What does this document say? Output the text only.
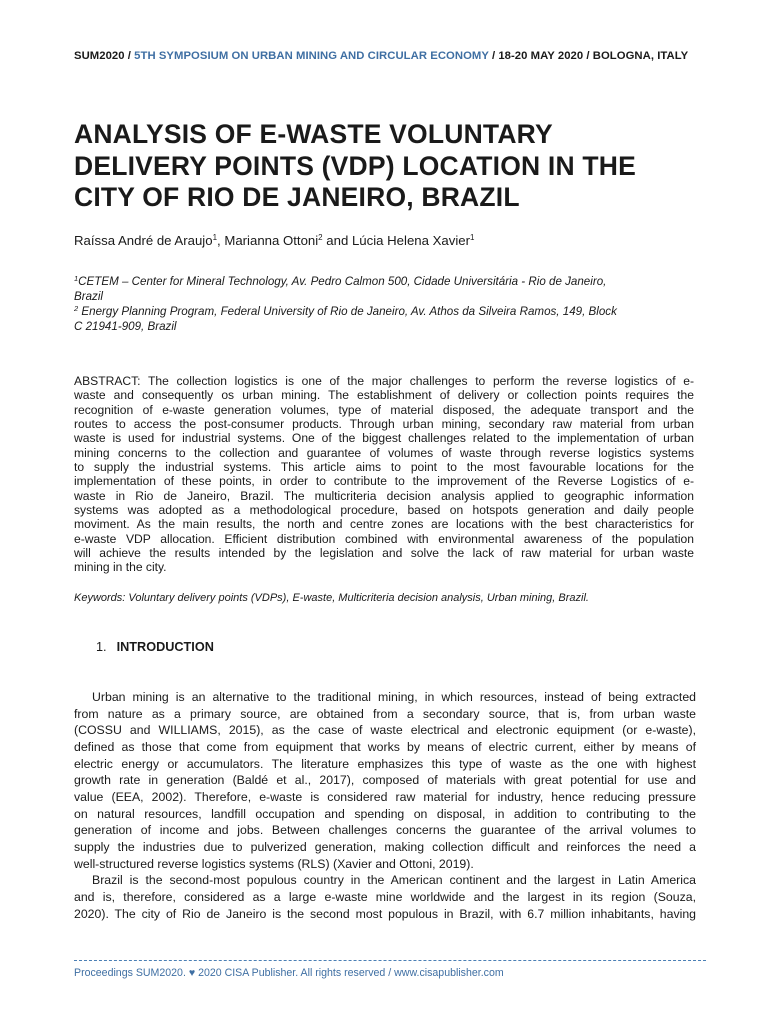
SUM2020 / 5TH SYMPOSIUM ON URBAN MINING AND CIRCULAR ECONOMY / 18-20 MAY 2020 / BOLOGNA, ITALY
ANALYSIS OF E-WASTE VOLUNTARY
DELIVERY POINTS (VDP) LOCATION IN THE
CITY OF RIO DE JANEIRO, BRAZIL
Raíssa André de Araujo$^1$, Marianna Ottoni$^2$ and Lúcia Helena Xavier$^1$
$^1$CETEM – Center for Mineral Technology, Av. Pedro Calmon 500, Cidade Universitária - Rio de Janeiro,
Brazil
$^2$ Energy Planning Program, Federal University of Rio de Janeiro, Av. Athos da Silveira Ramos, 149, Block
C 21941-909, Brazil
ABSTRACT: The collection logistics is one of the major challenges to perform the reverse logistics of e-
waste and consequently os urban mining. The establishment of delivery or collection points requires the
recognition of e-waste generation volumes, type of material disposed, the adequate transport and the
routes to access the post-consumer products. Through urban mining, secondary raw material from urban
waste is used for industrial systems. One of the biggest challenges related to the implementation of urban
mining concerns to the collection and guarantee of volumes of waste through reverse logistics systems
to supply the industrial systems. This article aims to point to the most favourable locations for the
implementation of these points, in order to contribute to the improvement of the Reverse Logistics of e-
waste in Rio de Janeiro, Brazil. The multicriteria decision analysis applied to geographic information
systems was adopted as a methodological procedure, based on hotspots generation and daily people
moviment. As the main results, the north and centre zones are locations with the best characteristics for
e-waste VDP allocation. Efficient distribution combined with environmental awareness of the population
will achieve the results intended by the legislation and solve the lack of raw material for urban waste
mining in the city.
Keywords: Voluntary delivery points (VDPs), E-waste, Multicriteria decision analysis, Urban mining, Brazil.
1. INTRODUCTION
Urban mining is an alternative to the traditional mining, in which resources, instead of being extracted
from nature as a primary source, are obtained from a secondary source, that is, from urban waste
(COSSU and WILLIAMS, 2015), as the case of waste electrical and electronic equipment (or e-waste),
defined as those that come from equipment that works by means of electric current, either by means of
electric energy or accumulators. The literature emphasizes this type of waste as the one with highest
growth rate in generation (Baldé et al., 2017), composed of materials with great potential for use and
value (EEA, 2002). Therefore, e-waste is considered raw material for industry, hence reducing pressure
on natural resources, landfill occupation and spending on disposal, in addition to contributing to the
generation of income and jobs. Between challenges concerns the guarantee of the arrival volumes to
supply the industries due to pulverized generation, making collection difficult and reinforces the need a
well-structured reverse logistics systems (RLS) (Xavier and Ottoni, 2019).
Brazil is the second-most populous country in the American continent and the largest in Latin America
and is, therefore, considered as a large e-waste mine worldwide and the largest in its region (Souza,
2020). The city of Rio de Janeiro is the second most populous in Brazil, with 6.7 million inhabitants, having
Proceedings SUM2020. ♥ 2020 CISA Publisher. All rights reserved / www.cisapublisher.com
